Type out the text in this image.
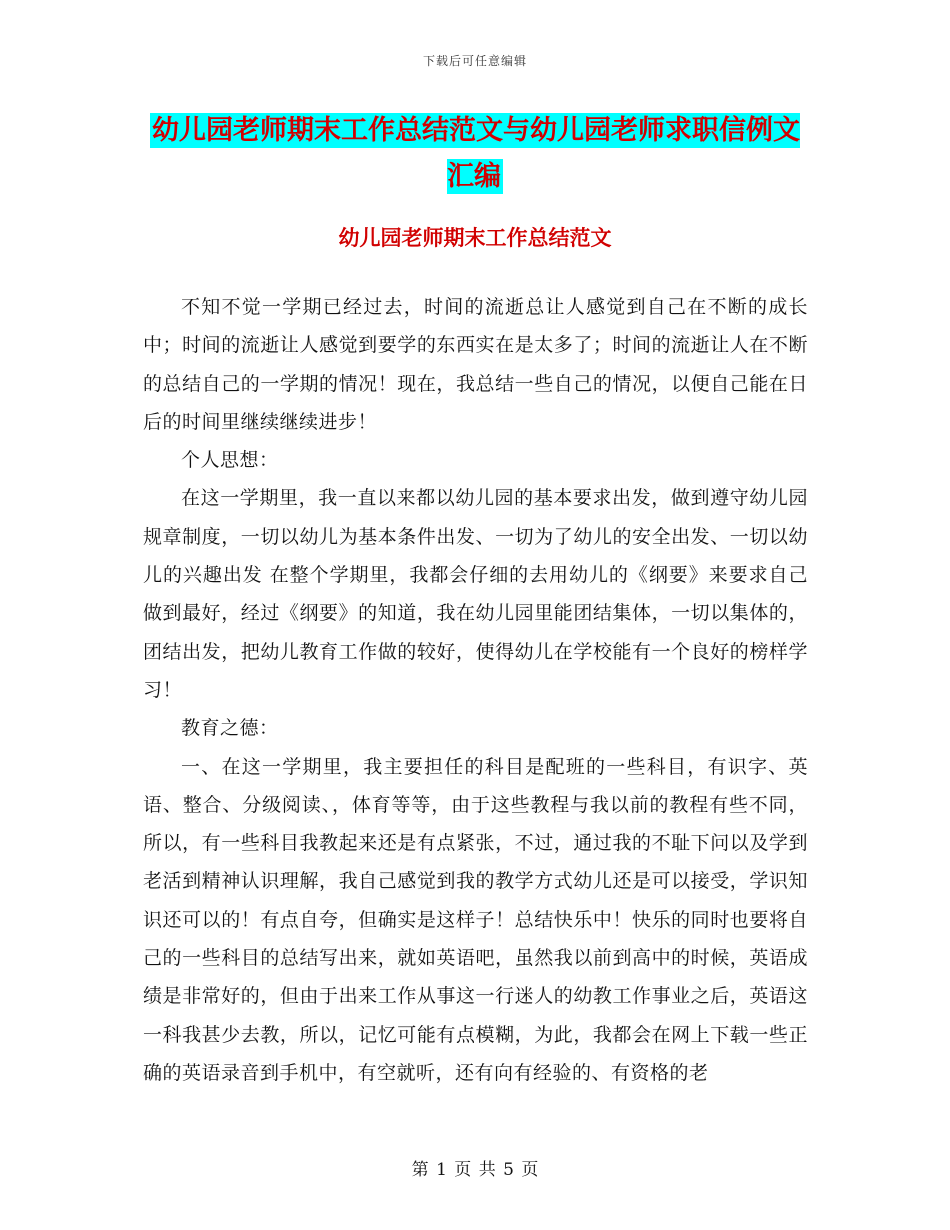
下载后可任意编辑
幼儿园老师期末工作总结范文与幼儿园老师求职信例文汇编
幼儿园老师期末工作总结范文

不知不觉一学期已经过去，时间的流逝总让人感觉到自己在不断的成长中；时间的流逝让人感觉到要学的东西实在是太多了；时间的流逝让人在不断的总结自己的一学期的情况！现在，我总结一些自己的情况，以便自己能在日后的时间里继续继续进步！

个人思想：

在这一学期里，我一直以来都以幼儿园的基本要求出发，做到遵守幼儿园规章制度，一切以幼儿为基本条件出发、一切为了幼儿的安全出发、一切以幼儿的兴趣出发 在整个学期里，我都会仔细的去用幼儿的《纲要》来要求自己做到最好，经过《纲要》的知道，我在幼儿园里能团结集体，一切以集体的，团结出发，把幼儿教育工作做的较好，使得幼儿在学校能有一个良好的榜样学习！

教育之德：

一、在这一学期里，我主要担任的科目是配班的一些科目，有识字、英语、整合、分级阅读、，体育等等，由于这些教程与我以前的教程有些不同，所以，有一些科目我教起来还是有点紧张，不过，通过我的不耻下问以及学到老活到精神认识理解，我自己感觉到我的教学方式幼儿还是可以接受，学识知识还可以的！有点自夸，但确实是这样子！总结快乐中！快乐的同时也要将自己的一些科目的总结写出来，就如英语吧，虽然我以前到高中的时候，英语成绩是非常好的，但由于出来工作从事这一行迷人的幼教工作事业之后，英语这一科我甚少去教，所以，记忆可能有点模糊，为此，我都会在网上下载一些正确的英语录音到手机中，有空就听，还有向有经验的、有资格的老

第 1 页 共 5 页
